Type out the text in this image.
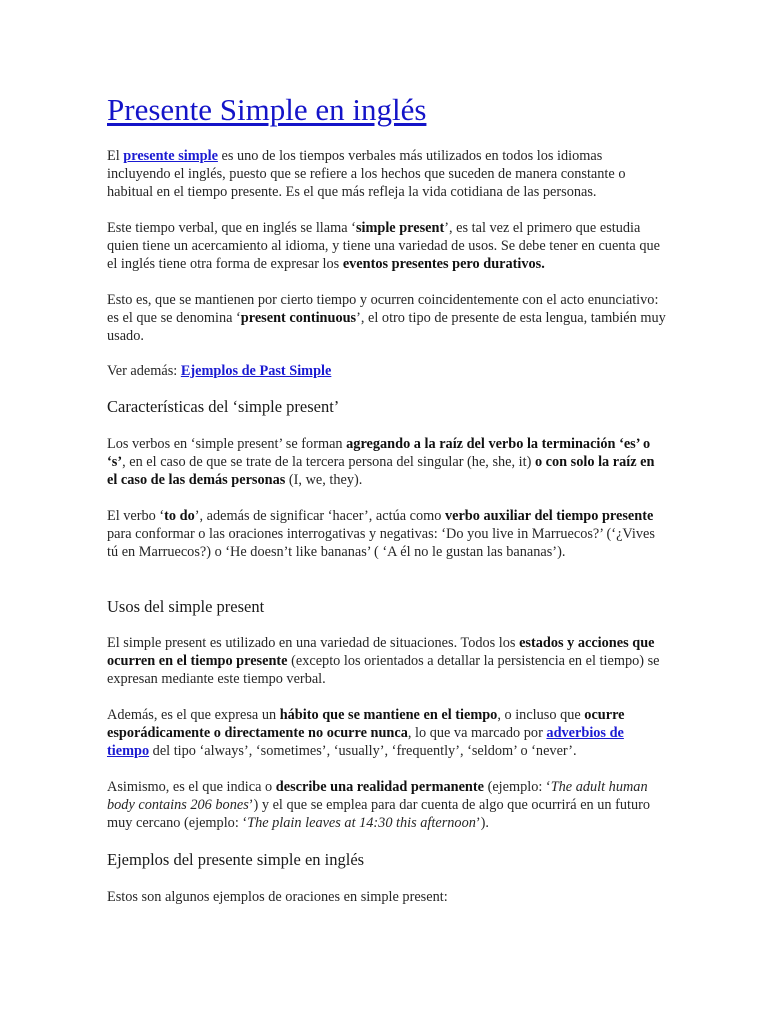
Presente Simple en inglés

El presente simple es uno de los tiempos verbales más utilizados en todos los idiomas incluyendo el inglés, puesto que se refiere a los hechos que suceden de manera constante o habitual en el tiempo presente. Es el que más refleja la vida cotidiana de las personas.

Este tiempo verbal, que en inglés se llama ‘simple present’, es tal vez el primero que estudia quien tiene un acercamiento al idioma, y tiene una variedad de usos. Se debe tener en cuenta que el inglés tiene otra forma de expresar los eventos presentes pero durativos.

Esto es, que se mantienen por cierto tiempo y ocurren coincidentemente con el acto enunciativo: es el que se denomina ‘present continuous’, el otro tipo de presente de esta lengua, también muy usado.

Ver además: Ejemplos de Past Simple

Características del ‘simple present’

Los verbos en ‘simple present’ se forman agregando a la raíz del verbo la terminación ‘es’ o ‘s’, en el caso de que se trate de la tercera persona del singular (he, she, it) o con solo la raíz en el caso de las demás personas (I, we, they).

El verbo ‘to do’, además de significar ‘hacer’, actúa como verbo auxiliar del tiempo presente para conformar o las oraciones interrogativas y negativas: ‘Do you live in Marruecos?’ (‘¿Vives tú en Marruecos?) o ‘He doesn’t like bananas’ ( ‘A él no le gustan las bananas’).

Usos del simple present

El simple present es utilizado en una variedad de situaciones. Todos los estados y acciones que ocurren en el tiempo presente (excepto los orientados a detallar la persistencia en el tiempo) se expresan mediante este tiempo verbal.

Además, es el que expresa un hábito que se mantiene en el tiempo, o incluso que ocurre esporádicamente o directamente no ocurre nunca, lo que va marcado por adverbios de tiempo del tipo ‘always’, ‘sometimes’, ‘usually’, ‘frequently’, ‘seldom’ o ‘never’.

Asimismo, es el que indica o describe una realidad permanente (ejemplo: ‘The adult human body contains 206 bones’) y el que se emplea para dar cuenta de algo que ocurrirá en un futuro muy cercano (ejemplo: ‘The plain leaves at 14:30 this afternoon’).

Ejemplos del presente simple en inglés

Estos son algunos ejemplos de oraciones en simple present:
